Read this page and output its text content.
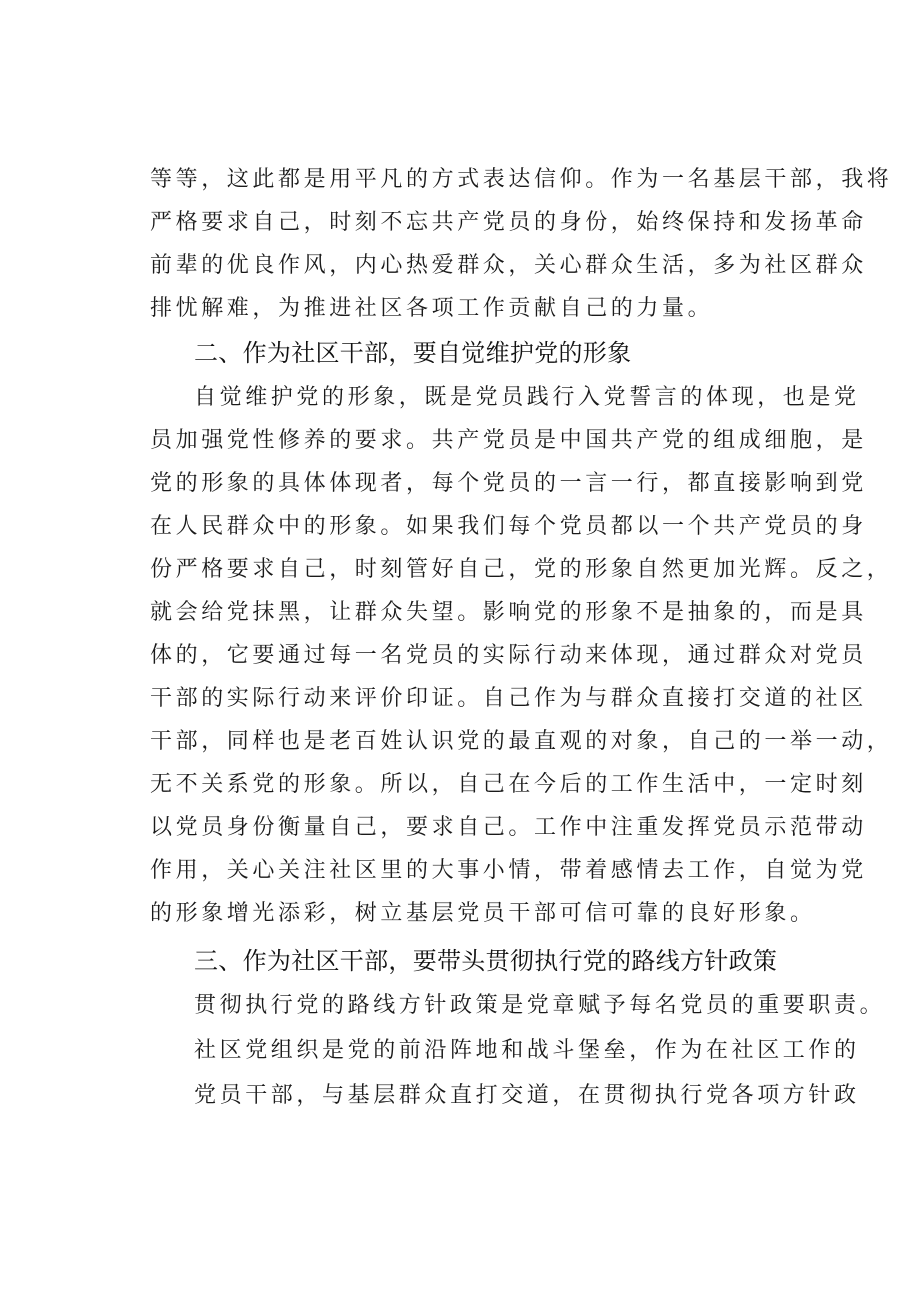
等等，这此都是用平凡的方式表达信仰。作为一名基层干部，我将
严格要求自己，时刻不忘共产党员的身份，始终保持和发扬革命
前辈的优良作风，内心热爱群众，关心群众生活，多为社区群众
排忧解难，为推进社区各项工作贡献自己的力量。
二、作为社区干部，要自觉维护党的形象
自觉维护党的形象，既是党员践行入党誓言的体现，也是党
员加强党性修养的要求。共产党员是中国共产党的组成细胞，是
党的形象的具体体现者，每个党员的一言一行，都直接影响到党
在人民群众中的形象。如果我们每个党员都以一个共产党员的身
份严格要求自己，时刻管好自己，党的形象自然更加光辉。反之，
就会给党抹黑，让群众失望。影响党的形象不是抽象的，而是具
体的，它要通过每一名党员的实际行动来体现，通过群众对党员
干部的实际行动来评价印证。自己作为与群众直接打交道的社区
干部，同样也是老百姓认识党的最直观的对象，自己的一举一动，
无不关系党的形象。所以，自己在今后的工作生活中，一定时刻
以党员身份衡量自己，要求自己。工作中注重发挥党员示范带动
作用，关心关注社区里的大事小情，带着感情去工作，自觉为党
的形象增光添彩，树立基层党员干部可信可靠的良好形象。
三、作为社区干部，要带头贯彻执行党的路线方针政策
贯彻执行党的路线方针政策是党章赋予每名党员的重要职责。
社区党组织是党的前沿阵地和战斗堡垒，作为在社区工作的
党员干部，与基层群众直打交道，在贯彻执行党各项方针政
